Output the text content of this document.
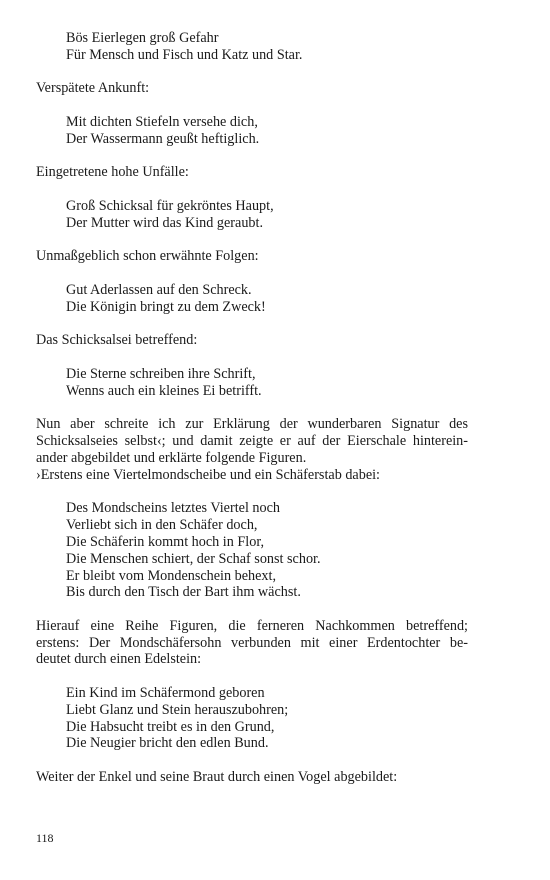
Bös Eierlegen groß Gefahr
Für Mensch und Fisch und Katz und Star.
Verspätete Ankunft:
Mit dichten Stiefeln versehe dich,
Der Wassermann geußt heftiglich.
Eingetretene hohe Unfälle:
Groß Schicksal für gekröntes Haupt,
Der Mutter wird das Kind geraubt.
Unmaßgeblich schon erwähnte Folgen:
Gut Aderlassen auf den Schreck.
Die Königin bringt zu dem Zweck!
Das Schicksalsei betreffend:
Die Sterne schreiben ihre Schrift,
Wenns auch ein kleines Ei betrifft.
Nun aber schreite ich zur Erklärung der wunderbaren Signatur des
Schicksalseies selbst‹; und damit zeigte er auf der Eierschale hinterein-
ander abgebildet und erklärte folgende Figuren.
›Erstens eine Viertelmondscheibe und ein Schäferstab dabei:
Des Mondscheins letztes Viertel noch
Verliebt sich in den Schäfer doch,
Die Schäferin kommt hoch in Flor,
Die Menschen schiert, der Schaf sonst schor.
Er bleibt vom Mondenschein behext,
Bis durch den Tisch der Bart ihm wächst.
Hierauf eine Reihe Figuren, die ferneren Nachkommen betreffend;
erstens: Der Mondschäfersohn verbunden mit einer Erdentochter be-
deutet durch einen Edelstein:
Ein Kind im Schäfermond geboren
Liebt Glanz und Stein herauszubohren;
Die Habsucht treibt es in den Grund,
Die Neugier bricht den edlen Bund.
Weiter der Enkel und seine Braut durch einen Vogel abgebildet:
118
